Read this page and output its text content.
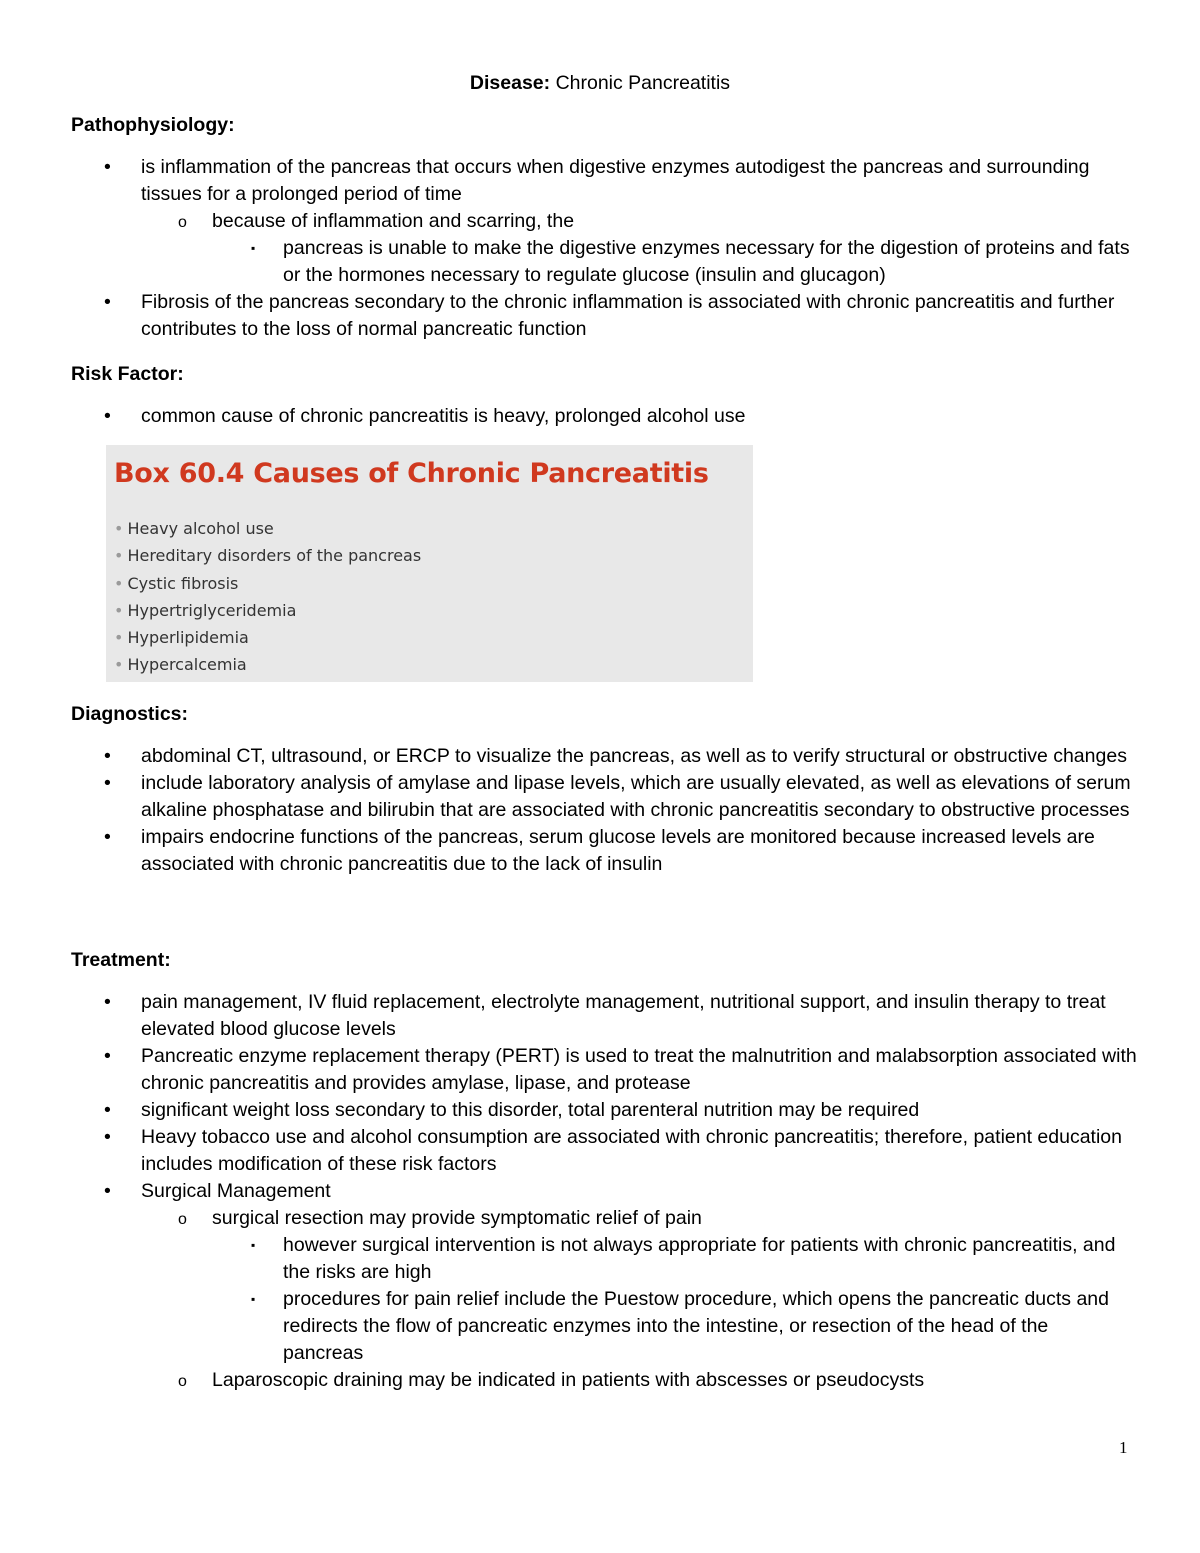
Disease: Chronic Pancreatitis
Pathophysiology:
• is inflammation of the pancreas that occurs when digestive enzymes autodigest the pancreas and surrounding tissues for a prolonged period of time
o because of inflammation and scarring, the
▪ pancreas is unable to make the digestive enzymes necessary for the digestion of proteins and fats or the hormones necessary to regulate glucose (insulin and glucagon)
• Fibrosis of the pancreas secondary to the chronic inflammation is associated with chronic pancreatitis and further contributes to the loss of normal pancreatic function
Risk Factor:
• common cause of chronic pancreatitis is heavy, prolonged alcohol use
Box 60.4 Causes of Chronic Pancreatitis
• Heavy alcohol use
• Hereditary disorders of the pancreas
• Cystic fibrosis
• Hypertriglyceridemia
• Hyperlipidemia
• Hypercalcemia
Diagnostics:
• abdominal CT, ultrasound, or ERCP to visualize the pancreas, as well as to verify structural or obstructive changes
• include laboratory analysis of amylase and lipase levels, which are usually elevated, as well as elevations of serum alkaline phosphatase and bilirubin that are associated with chronic pancreatitis secondary to obstructive processes
• impairs endocrine functions of the pancreas, serum glucose levels are monitored because increased levels are associated with chronic pancreatitis due to the lack of insulin
Treatment:
• pain management, IV fluid replacement, electrolyte management, nutritional support, and insulin therapy to treat elevated blood glucose levels
• Pancreatic enzyme replacement therapy (PERT) is used to treat the malnutrition and malabsorption associated with chronic pancreatitis and provides amylase, lipase, and protease
• significant weight loss secondary to this disorder, total parenteral nutrition may be required
• Heavy tobacco use and alcohol consumption are associated with chronic pancreatitis; therefore, patient education includes modification of these risk factors
• Surgical Management
o surgical resection may provide symptomatic relief of pain
▪ however surgical intervention is not always appropriate for patients with chronic pancreatitis, and the risks are high
▪ procedures for pain relief include the Puestow procedure, which opens the pancreatic ducts and redirects the flow of pancreatic enzymes into the intestine, or resection of the head of the pancreas
o Laparoscopic draining may be indicated in patients with abscesses or pseudocysts
1
